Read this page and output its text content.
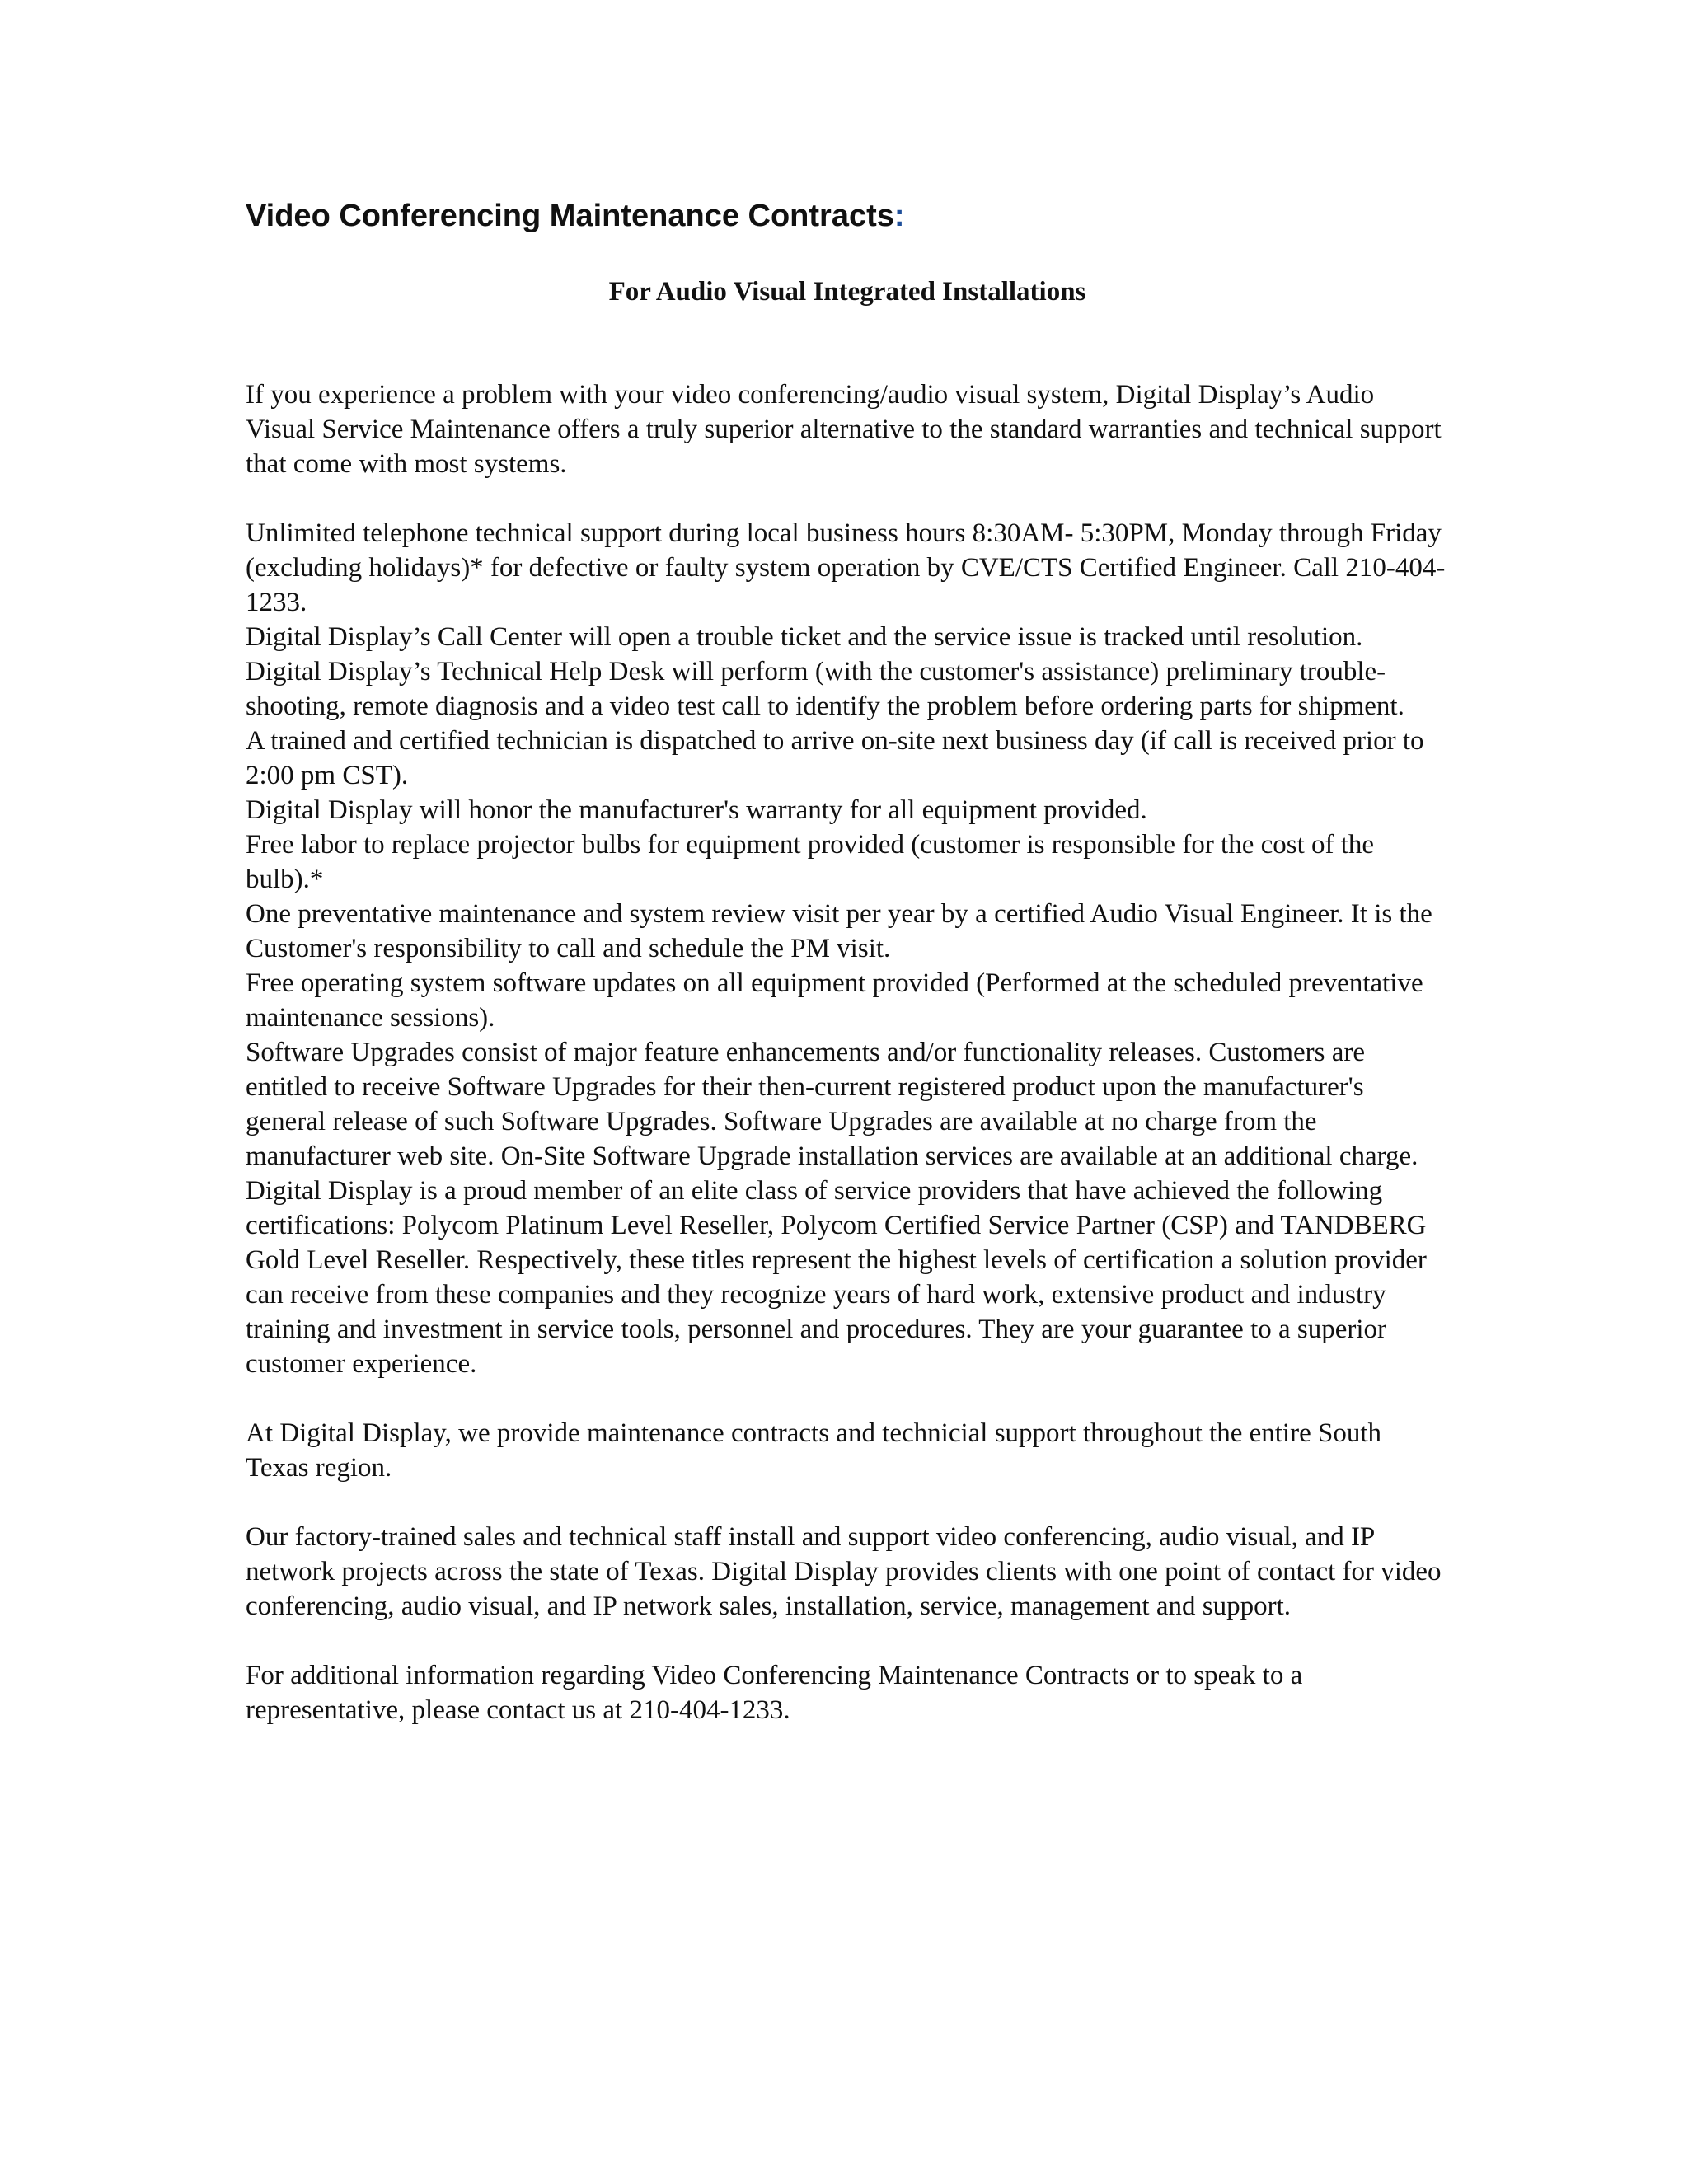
Video Conferencing Maintenance Contracts:

For Audio Visual Integrated Installations

If you experience a problem with your video conferencing/audio visual system, Digital Display’s Audio Visual Service Maintenance offers a truly superior alternative to the standard warranties and technical support that come with most systems.

Unlimited telephone technical support during local business hours 8:30AM- 5:30PM, Monday through Friday (excluding holidays)* for defective or faulty system operation by CVE/CTS Certified Engineer. Call 210-404-1233.

Digital Display’s Call Center will open a trouble ticket and the service issue is tracked until resolution.

Digital Display’s Technical Help Desk will perform (with the customer's assistance) preliminary trouble-shooting, remote diagnosis and a video test call to identify the problem before ordering parts for shipment.

A trained and certified technician is dispatched to arrive on-site next business day (if call is received prior to 2:00 pm CST).

Digital Display will honor the manufacturer's warranty for all equipment provided.

Free labor to replace projector bulbs for equipment provided (customer is responsible for the cost of the bulb).*

One preventative maintenance and system review visit per year by a certified Audio Visual Engineer. It is the Customer's responsibility to call and schedule the PM visit.

Free operating system software updates on all equipment provided (Performed at the scheduled preventative maintenance sessions).

Software Upgrades consist of major feature enhancements and/or functionality releases. Customers are entitled to receive Software Upgrades for their then-current registered product upon the manufacturer's general release of such Software Upgrades. Software Upgrades are available at no charge from the manufacturer web site. On-Site Software Upgrade installation services are available at an additional charge.

Digital Display is a proud member of an elite class of service providers that have achieved the following certifications: Polycom Platinum Level Reseller, Polycom Certified Service Partner (CSP) and TANDBERG Gold Level Reseller. Respectively, these titles represent the highest levels of certification a solution provider can receive from these companies and they recognize years of hard work, extensive product and industry training and investment in service tools, personnel and procedures. They are your guarantee to a superior customer experience.

At Digital Display, we provide maintenance contracts and technicial support throughout the entire South Texas region.

Our factory-trained sales and technical staff install and support video conferencing, audio visual, and IP network projects across the state of Texas. Digital Display provides clients with one point of contact for video conferencing, audio visual, and IP network sales, installation, service, management and support.

For additional information regarding Video Conferencing Maintenance Contracts or to speak to a representative, please contact us at 210-404-1233.
